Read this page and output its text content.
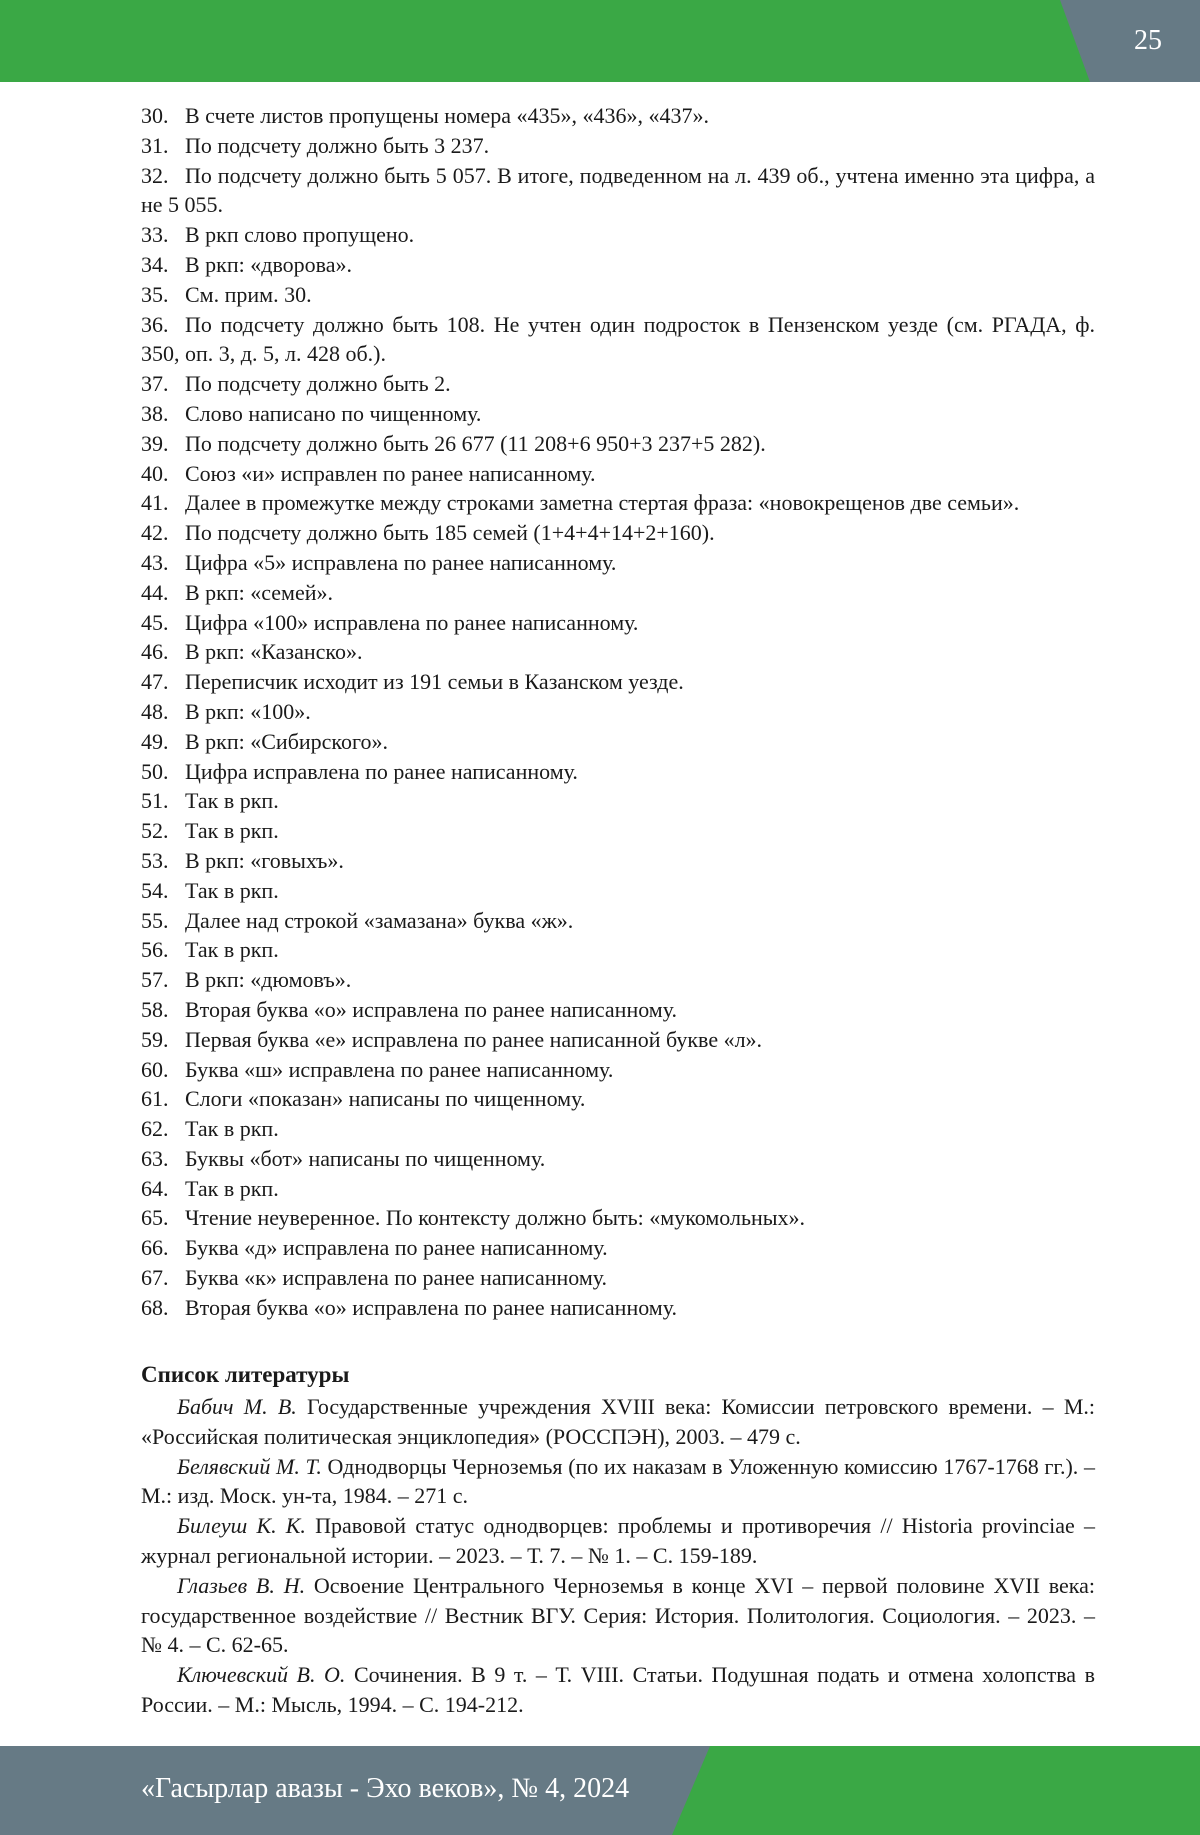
25
30. В счете листов пропущены номера «435», «436», «437».
31. По подсчету должно быть 3 237.
32. По подсчету должно быть 5 057. В итоге, подведенном на л. 439 об., учтена именно эта цифра, а не 5 055.
33. В ркп слово пропущено.
34. В ркп: «дворова».
35. См. прим. 30.
36. По подсчету должно быть 108. Не учтен один подросток в Пензенском уезде (см. РГАДА, ф. 350, оп. 3, д. 5, л. 428 об.).
37. По подсчету должно быть 2.
38. Слово написано по чищенному.
39. По подсчету должно быть 26 677 (11 208+6 950+3 237+5 282).
40. Союз «и» исправлен по ранее написанному.
41. Далее в промежутке между строками заметна стертая фраза: «новокрещенов две семьи».
42. По подсчету должно быть 185 семей (1+4+4+14+2+160).
43. Цифра «5» исправлена по ранее написанному.
44. В ркп: «семей».
45. Цифра «100» исправлена по ранее написанному.
46. В ркп: «Казанско».
47. Переписчик исходит из 191 семьи в Казанском уезде.
48. В ркп: «100».
49. В ркп: «Сибирского».
50. Цифра исправлена по ранее написанному.
51. Так в ркп.
52. Так в ркп.
53. В ркп: «говыхъ».
54. Так в ркп.
55. Далее над строкой «замазана» буква «ж».
56. Так в ркп.
57. В ркп: «дюмовъ».
58. Вторая буква «о» исправлена по ранее написанному.
59. Первая буква «е» исправлена по ранее написанной букве «л».
60. Буква «ш» исправлена по ранее написанному.
61. Слоги «показан» написаны по чищенному.
62. Так в ркп.
63. Буквы «бот» написаны по чищенному.
64. Так в ркп.
65. Чтение неуверенное. По контексту должно быть: «мукомольных».
66. Буква «д» исправлена по ранее написанному.
67. Буква «к» исправлена по ранее написанному.
68. Вторая буква «о» исправлена по ранее написанному.
Список литературы

Бабич М. В. Государственные учреждения XVIII века: Комиссии петровского времени. – М.: «Российская политическая энциклопедия» (РОССПЭН), 2003. – 479 с.

Белявский М. Т. Однодворцы Черноземья (по их наказам в Уложенную комиссию 1767-1768 гг.). – М.: изд. Моск. ун-та, 1984. – 271 с.

Билеуш К. К. Правовой статус однодворцев: проблемы и противоречия // Historia provinciae – журнал региональной истории. – 2023. – Т. 7. – № 1. – С. 159-189.

Глазьев В. Н. Освоение Центрального Черноземья в конце XVI – первой половине XVII века: государственное воздействие // Вестник ВГУ. Серия: История. Политология. Социология. – 2023. – № 4. – С. 62-65.

Ключевский В. О. Сочинения. В 9 т. – Т. VIII. Статьи. Подушная подать и отмена холопства в России. – М.: Мысль, 1994. – С. 194-212.

«Гасырлар авазы - Эхо веков», № 4, 2024
